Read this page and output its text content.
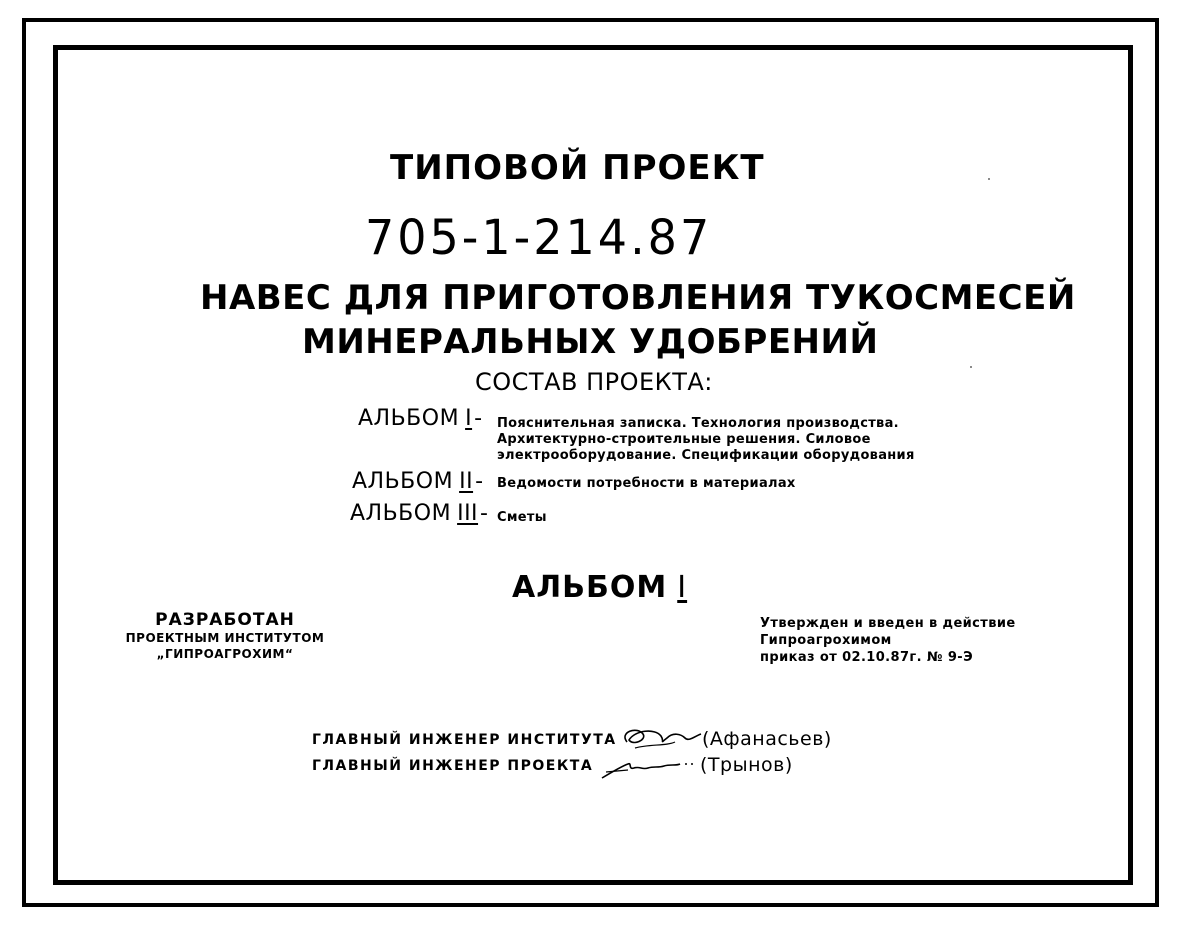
ТИПОВОЙ ПРОЕКТ
705-1-214.87
НАВЕС ДЛЯ ПРИГОТОВЛЕНИЯ ТУКОСМЕСЕЙ
МИНЕРАЛЬНЫХ УДОБРЕНИЙ
СОСТАВ ПРОЕКТА:
АЛЬБОМ I- Пояснительная записка. Технология производства.
Архитектурно-строительные решения. Силовое
электрооборудование. Спецификации оборудования
АЛЬБОМ II- Ведомости потребности в материалах
АЛЬБОМ III- Сметы
АЛЬБОМ I
РАЗРАБОТАН
ПРОЕКТНЫМ ИНСТИТУТОМ
„ГИПРОАГРОХИМ“
Утвержден и введен в действие
Гипроагрохимом
приказ от 02.10.87г. № 9-Э
ГЛАВНЫЙ ИНЖЕНЕР ИНСТИТУТА	(Афанасьев)
ГЛАВНЫЙ ИНЖЕНЕР ПРОЕКТА	(Трынов)
